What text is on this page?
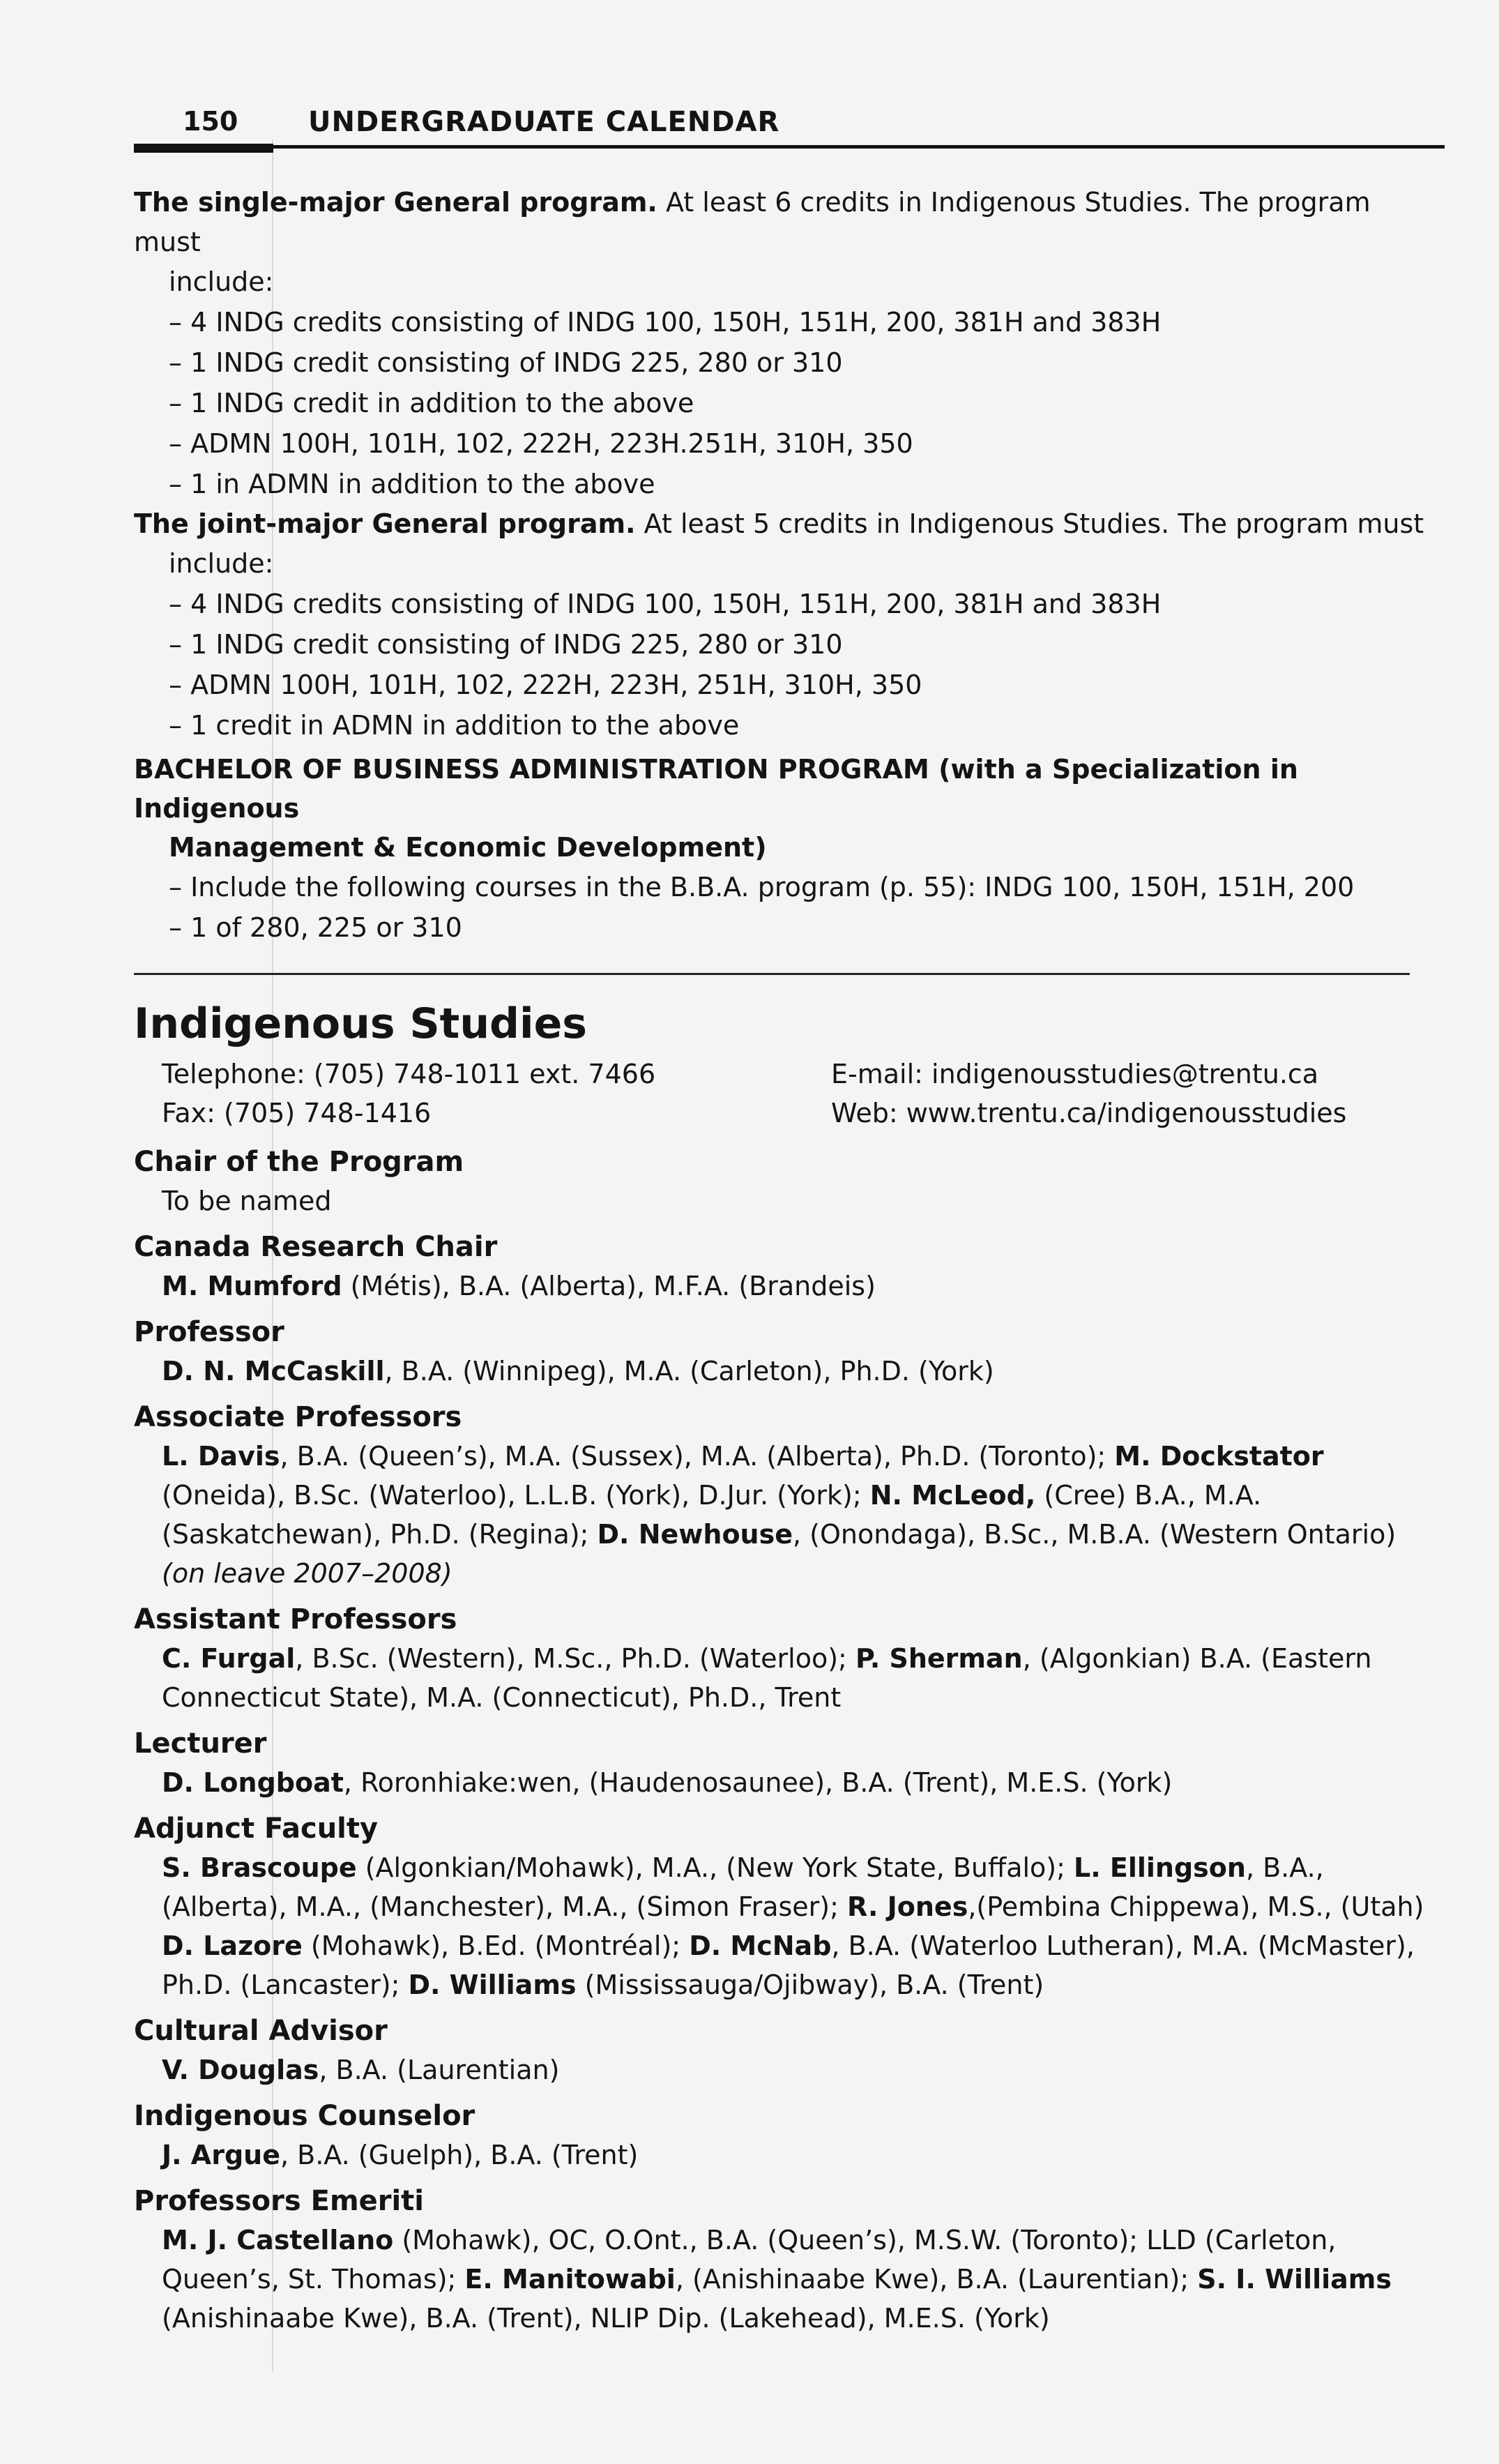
150	UNDERGRADUATE CALENDAR

The single-major General program. At least 6 credits in Indigenous Studies. The program must

include:

– 4 INDG credits consisting of INDG 100, 150H, 151H, 200, 381H and 383H
– 1 INDG credit consisting of INDG 225, 280 or 310
– 1 INDG credit in addition to the above
– ADMN 100H, 101H, 102, 222H, 223H.251H, 310H, 350
– 1 in ADMN in addition to the above

The joint-major General program. At least 5 credits in Indigenous Studies. The program must

include:

– 4 INDG credits consisting of INDG 100, 150H, 151H, 200, 381H and 383H
– 1 INDG credit consisting of INDG 225, 280 or 310
– ADMN 100H, 101H, 102, 222H, 223H, 251H, 310H, 350
– 1 credit in ADMN in addition to the above

BACHELOR OF BUSINESS ADMINISTRATION PROGRAM (with a Specialization in Indigenous
Management & Economic Development)

– Include the following courses in the B.B.A. program (p. 55): INDG 100, 150H, 151H, 200
– 1 of 280, 225 or 310
Indigenous Studies
Telephone: (705) 748-1011 ext. 7466
Fax: (705) 748-1416
E-mail: indigenousstudies@trentu.ca
Web: www.trentu.ca/indigenousstudies
Chair of the Program

To be named

Canada Research Chair

M. Mumford (Métis), B.A. (Alberta), M.F.A. (Brandeis)

Professor

D. N. McCaskill, B.A. (Winnipeg), M.A. (Carleton), Ph.D. (York)

Associate Professors

L. Davis, B.A. (Queen’s), M.A. (Sussex), M.A. (Alberta), Ph.D. (Toronto); M. Dockstator (Oneida), B.Sc. (Waterloo), L.L.B. (York), D.Jur. (York); N. McLeod, (Cree) B.A., M.A. (Saskatchewan), Ph.D. (Regina); D. Newhouse, (Onondaga), B.Sc., M.B.A. (Western Ontario) (on leave 2007–2008)

Assistant Professors

C. Furgal, B.Sc. (Western), M.Sc., Ph.D. (Waterloo); P. Sherman, (Algonkian) B.A. (Eastern Connecticut State), M.A. (Connecticut), Ph.D., Trent

Lecturer

D. Longboat, Roronhiake:wen, (Haudenosaunee), B.A. (Trent), M.E.S. (York)

Adjunct Faculty

S. Brascoupe (Algonkian/Mohawk), M.A., (New York State, Buffalo); L. Ellingson, B.A., (Alberta), M.A., (Manchester), M.A., (Simon Fraser); R. Jones,(Pembina Chippewa), M.S., (Utah) D. Lazore (Mohawk), B.Ed. (Montréal); D. McNab, B.A. (Waterloo Lutheran), M.A. (McMaster), Ph.D. (Lancaster); D. Williams (Mississauga/Ojibway), B.A. (Trent)

Cultural Advisor

V. Douglas, B.A. (Laurentian)

Indigenous Counselor

J. Argue, B.A. (Guelph), B.A. (Trent)

Professors Emeriti

M. J. Castellano (Mohawk), OC, O.Ont., B.A. (Queen’s), M.S.W. (Toronto); LLD (Carleton, Queen’s, St. Thomas); E. Manitowabi, (Anishinaabe Kwe), B.A. (Laurentian); S. I. Williams (Anishinaabe Kwe), B.A. (Trent), NLIP Dip. (Lakehead), M.E.S. (York)
